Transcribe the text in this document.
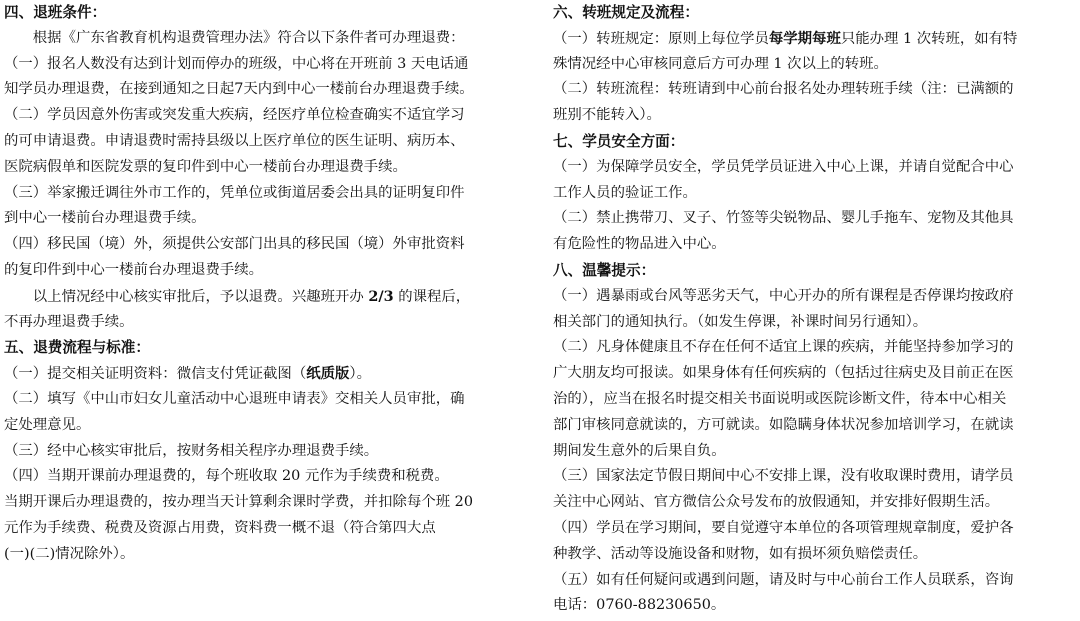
四、退班条件：
　　根据《广东省教育机构退费管理办法》符合以下条件者可办理退费：
（一）报名人数没有达到计划而停办的班级，中心将在开班前 3 天电话通
知学员办理退费，在接到通知之日起7天内到中心一楼前台办理退费手续。
（二）学员因意外伤害或突发重大疾病，经医疗单位检查确实不适宜学习
的可申请退费。申请退费时需持县级以上医疗单位的医生证明、病历本、
医院病假单和医院发票的复印件到中心一楼前台办理退费手续。
（三）举家搬迁调往外市工作的，凭单位或街道居委会出具的证明复印件
到中心一楼前台办理退费手续。
（四）移民国（境）外，须提供公安部门出具的移民国（境）外审批资料
的复印件到中心一楼前台办理退费手续。
　　以上情况经中心核实审批后，予以退费。兴趣班开办 2/3 的课程后，
不再办理退费手续。
五、退费流程与标准：
（一）提交相关证明资料：微信支付凭证截图（纸质版）。
（二）填写《中山市妇女儿童活动中心退班申请表》交相关人员审批，确
定处理意见。
（三）经中心核实审批后，按财务相关程序办理退费手续。
（四）当期开课前办理退费的，每个班收取 20 元作为手续费和税费。
当期开课后办理退费的，按办理当天计算剩余课时学费，并扣除每个班 20
元作为手续费、税费及资源占用费，资料费一概不退（符合第四大点
(一)(二)情况除外）。
六、转班规定及流程：
（一）转班规定：原则上每位学员每学期每班只能办理 1 次转班，如有特
殊情况经中心审核同意后方可办理 1 次以上的转班。
（二）转班流程：转班请到中心前台报名处办理转班手续（注：已满额的
班别不能转入）。
七、学员安全方面：
（一）为保障学员安全，学员凭学员证进入中心上课，并请自觉配合中心
工作人员的验证工作。
（二）禁止携带刀、叉子、竹签等尖锐物品、婴儿手拖车、宠物及其他具
有危险性的物品进入中心。
八、温馨提示：
（一）遇暴雨或台风等恶劣天气，中心开办的所有课程是否停课均按政府
相关部门的通知执行。（如发生停课，补课时间另行通知）。
（二）凡身体健康且不存在任何不适宜上课的疾病，并能坚持参加学习的
广大朋友均可报读。如果身体有任何疾病的（包括过往病史及目前正在医
治的），应当在报名时提交相关书面说明或医院诊断文件，待本中心相关
部门审核同意就读的，方可就读。如隐瞒身体状况参加培训学习，在就读
期间发生意外的后果自负。
（三）国家法定节假日期间中心不安排上课，没有收取课时费用，请学员
关注中心网站、官方微信公众号发布的放假通知，并安排好假期生活。
（四）学员在学习期间，要自觉遵守本单位的各项管理规章制度，爱护各
种教学、活动等设施设备和财物，如有损坏须负赔偿责任。
（五）如有任何疑问或遇到问题，请及时与中心前台工作人员联系，咨询
电话：0760-88230650。
